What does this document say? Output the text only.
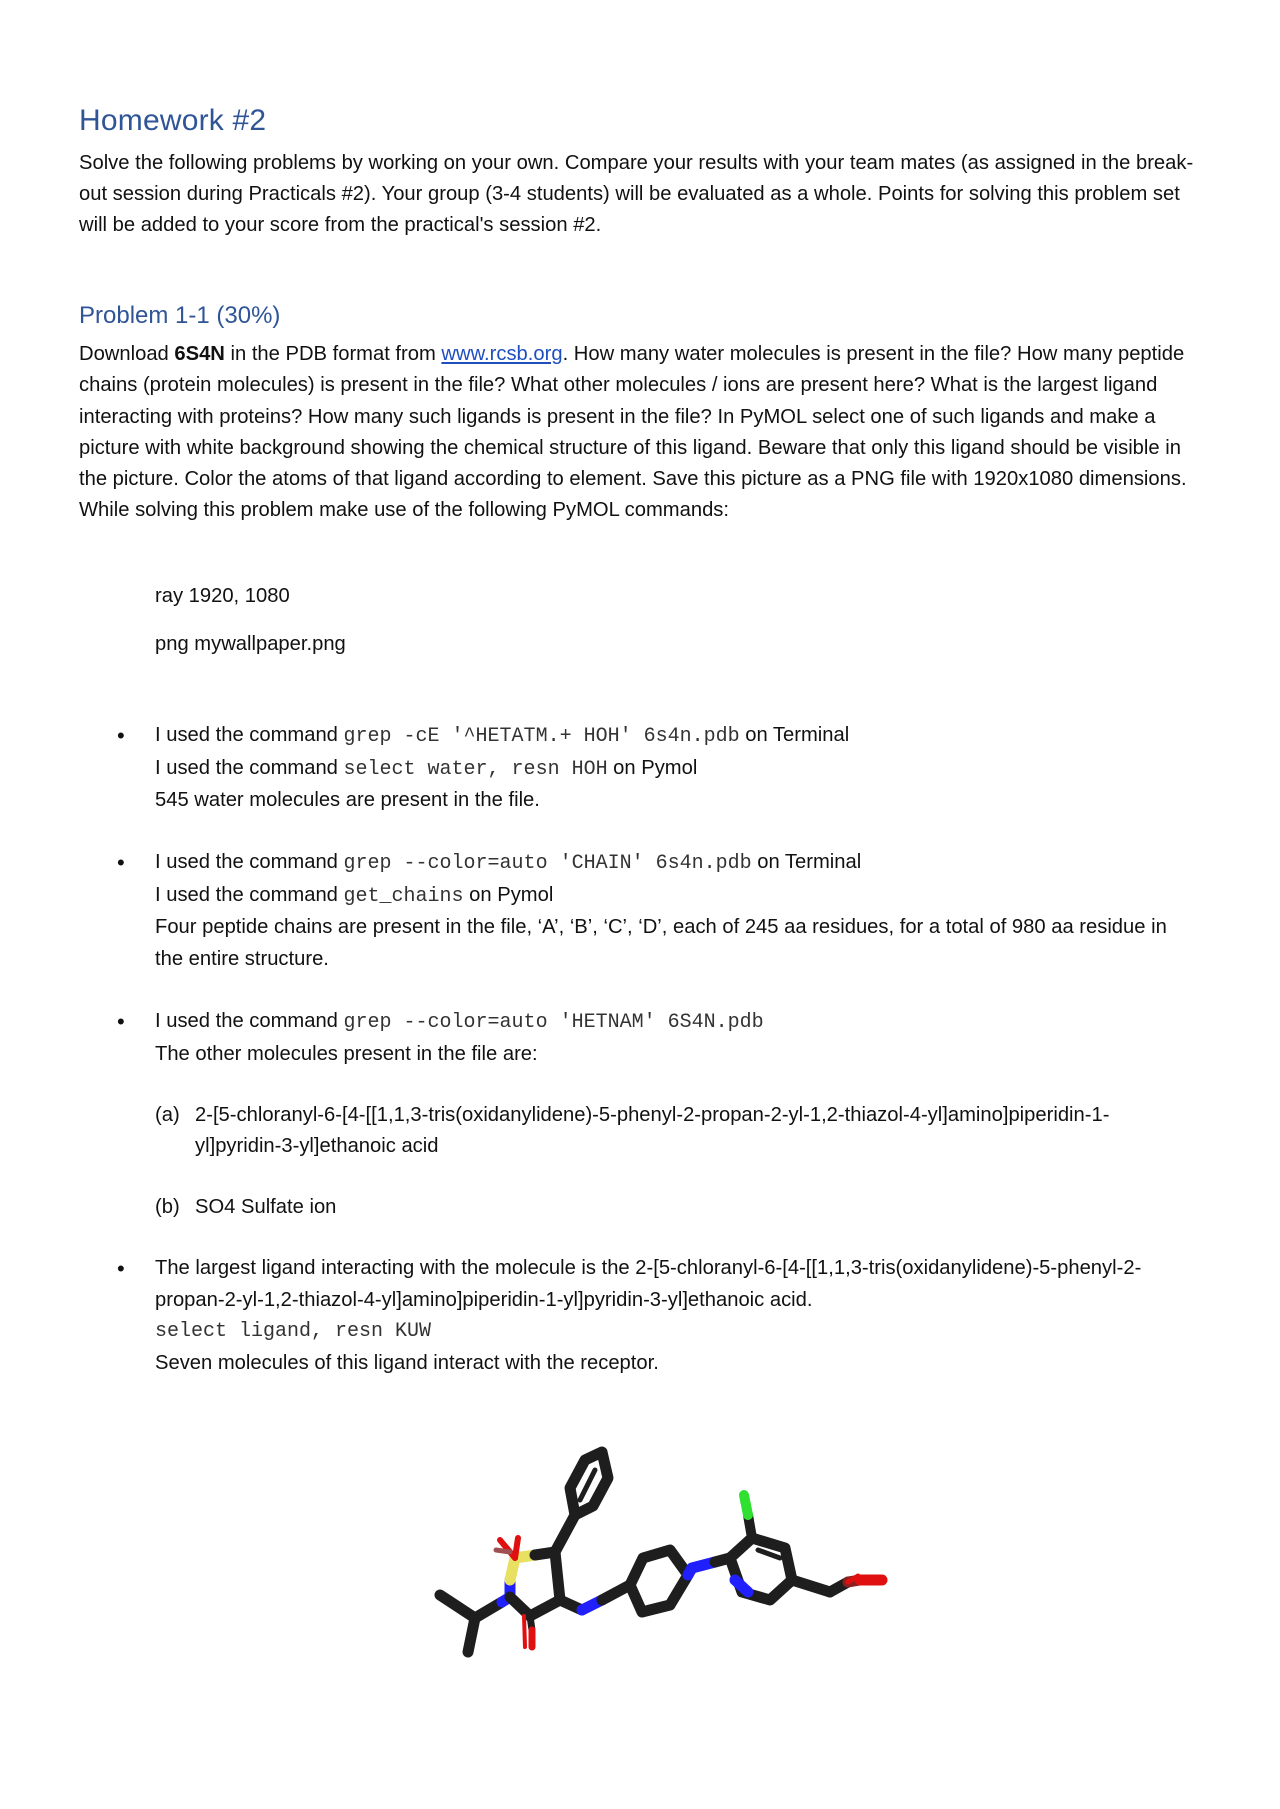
Homework #2

Solve the following problems by working on your own. Compare your results with your team mates (as assigned in the break-out session during Practicals #2). Your group (3-4 students) will be evaluated as a whole. Points for solving this problem set will be added to your score from the practical's session #2.

Problem 1-1 (30%)

Download 6S4N in the PDB format from www.rcsb.org. How many water molecules is present in the file? How many peptide chains (protein molecules) is present in the file? What other molecules / ions are present here? What is the largest ligand interacting with proteins? How many such ligands is present in the file? In PyMOL select one of such ligands and make a picture with white background showing the chemical structure of this ligand. Beware that only this ligand should be visible in the picture. Color the atoms of that ligand according to element. Save this picture as a PNG file with 1920x1080 dimensions.
While solving this problem make use of the following PyMOL commands:

ray 1920, 1080

png mywallpaper.png

• I used the command grep -cE '^HETATM.+ HOH' 6s4n.pdb on Terminal
I used the command select water, resn HOH on Pymol
545 water molecules are present in the file.
• I used the command grep --color=auto 'CHAIN' 6s4n.pdb on Terminal
I used the command get_chains on Pymol
Four peptide chains are present in the file, ‘A’, ‘B’, ‘C’, ‘D’, each of 245 aa residues, for a total of 980 aa residue in the entire structure.
• I used the command grep --color=auto 'HETNAM' 6S4N.pdb
The other molecules present in the file are:
(a) 2-[5-chloranyl-6-[4-[[1,1,3-tris(oxidanylidene)-5-phenyl-2-propan-2-yl-1,2-thiazol-4-yl]amino]piperidin-1- yl]pyridin-3-yl]ethanoic acid
(b) SO4 Sulfate ion
• The largest ligand interacting with the molecule is the 2-[5-chloranyl-6-[4-[[1,1,3-tris(oxidanylidene)-5-phenyl-2-propan-2-yl-1,2-thiazol-4-yl]amino]piperidin-1-yl]pyridin-3-yl]ethanoic acid.
select ligand, resn KUW
Seven molecules of this ligand interact with the receptor.
